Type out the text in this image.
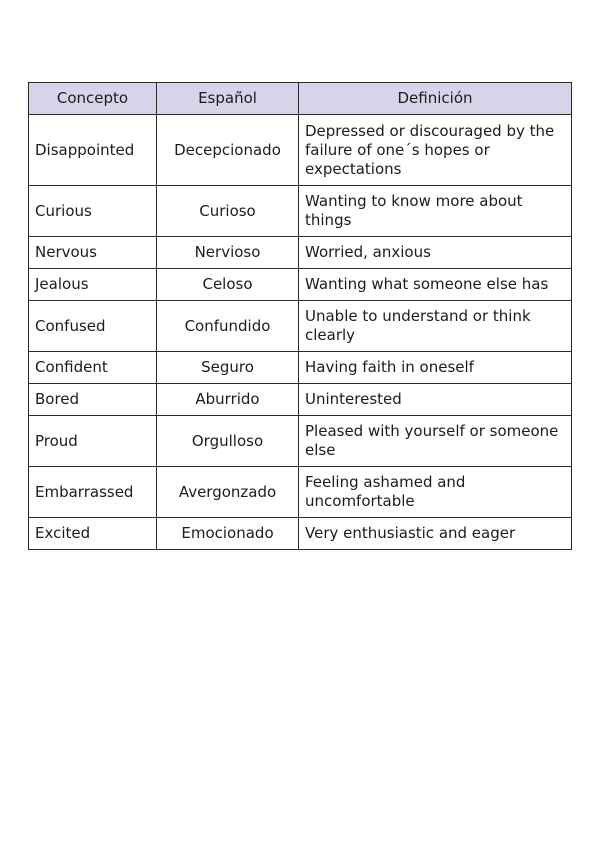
Concepto	Español	Definición
Disappointed	Decepcionado	Depressed or discouraged by the failure of one´s hopes or expectations
Curious	Curioso	Wanting to know more about things
Nervous	Nervioso	Worried, anxious
Jealous	Celoso	Wanting what someone else has
Confused	Confundido	Unable to understand or think clearly
Confident	Seguro	Having faith in oneself
Bored	Aburrido	Uninterested
Proud	Orgulloso	Pleased with yourself or someone else
Embarrassed	Avergonzado	Feeling ashamed and uncomfortable
Excited	Emocionado	Very enthusiastic and eager
